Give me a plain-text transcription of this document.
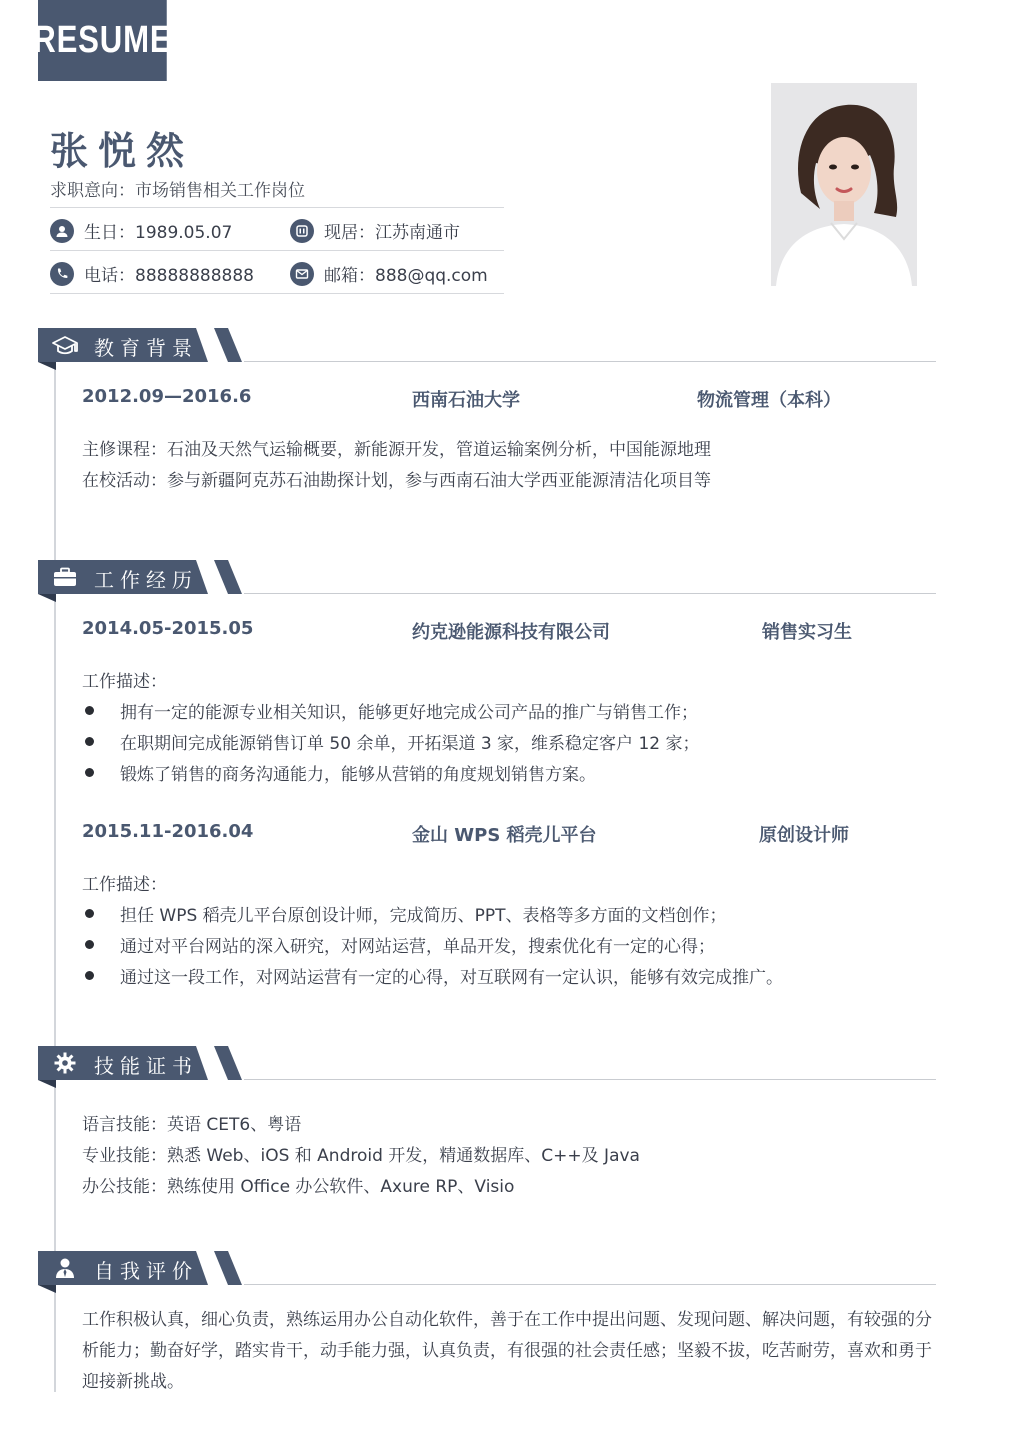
RESUME
张悦然
求职意向：市场销售相关工作岗位
生日：1989.05.07	现居：江苏南通市
电话：88888888888	邮箱：888@qq.com
教育背景
2012.09—2016.6	西南石油大学	物流管理（本科）
主修课程：石油及天然气运输概要，新能源开发，管道运输案例分析，中国能源地理
在校活动：参与新疆阿克苏石油勘探计划，参与西南石油大学西亚能源清洁化项目等
工作经历
2014.05-2015.05	约克逊能源科技有限公司	销售实习生
工作描述：
拥有一定的能源专业相关知识，能够更好地完成公司产品的推广与销售工作；
在职期间完成能源销售订单 50 余单，开拓渠道 3 家，维系稳定客户 12 家；
锻炼了销售的商务沟通能力，能够从营销的角度规划销售方案。
2015.11-2016.04	金山 WPS 稻壳儿平台	原创设计师
工作描述：
担任 WPS 稻壳儿平台原创设计师，完成简历、PPT、表格等多方面的文档创作；
通过对平台网站的深入研究，对网站运营，单品开发，搜索优化有一定的心得；
通过这一段工作，对网站运营有一定的心得，对互联网有一定认识，能够有效完成推广。
技能证书
语言技能：英语 CET6、粤语
专业技能：熟悉 Web、iOS 和 Android 开发，精通数据库、C++及 Java
办公技能：熟练使用 Office 办公软件、Axure RP、Visio
自我评价
工作积极认真，细心负责，熟练运用办公自动化软件，善于在工作中提出问题、发现问题、解决问题，有较强的分析能力；勤奋好学，踏实肯干，动手能力强，认真负责，有很强的社会责任感；坚毅不拔，吃苦耐劳，喜欢和勇于迎接新挑战。
